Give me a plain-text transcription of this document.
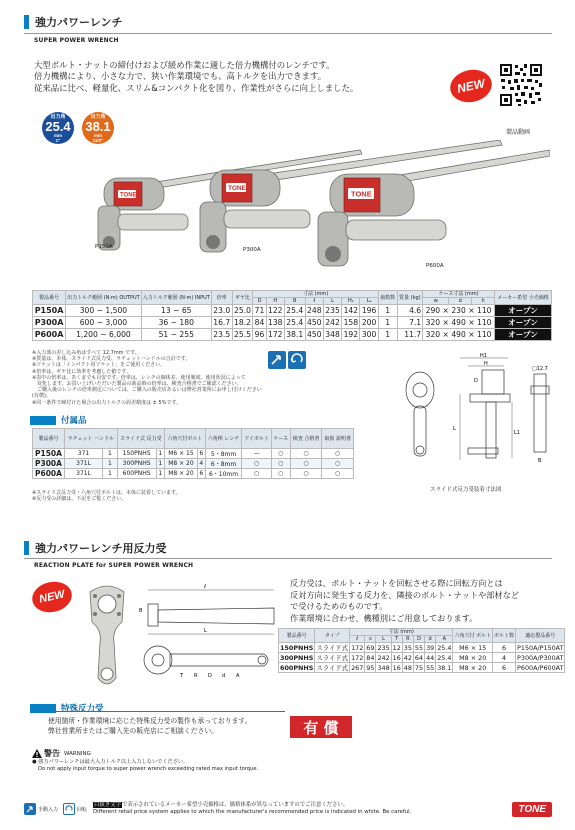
強力パワーレンチ
SUPER POWER WRENCH
大型ボルト・ナットの締付けおよび緩め作業に適した倍力機構付のレンチです。
倍力機構により、小さな力で、狭い作業環境でも、高トルクを出力できます。
従来品に比べ、軽量化、スリム&コンパクト化を図り、作業性がさらに向上しました。
出力角
25.4
mm
1"
出力角
38.1
mm
11/2"
NEW
製品動画
TONE
TONE
TONE
P150A	P300A
P600A
製品番号	出力トルク範囲 (N·m) OUTPUT	入力トルク範囲 (N·m) INPUT	倍率	ギヤ比	寸法 (mm)							歯数数	質量 (kg)	ケース寸法 (mm)			メーカー希望 小売価格
					D	H	B	ℓ	L	H₁	L₁			w	d	h	
P150A	300 ~ 1,500	13 ~ 65	23.0	25.0	71	122	25.4	248	235	142	196	1	4.6	290 × 230 × 110			オープン
P300A	600 ~ 3,000	36 ~ 180	16.7	18.2	84	138	25.4	450	242	158	200	1	7.1	320 × 490 × 110			オープン
P600A	1,200 ~ 6,000	51 ~ 255	23.5	25.5	96	172	38.1	450	348	192	300	1	11.7	320 × 490 × 110			オープン
※入力部の差し込み角はすべて 12.7mm です。
※質量は、本体、スライド式反力受、ラチェットハンドルの合計です。
※ソケットは「インパクト用ソケット」をご使用ください。
※倍率は、ギヤ比に効率を考慮した値です。
※表中の倍率は、あくまでも目安です。倍率は、レンチの個体差、使用頻度、使用状況によって
　変化します。お買い上げいただいた製品の新品時の倍率は、検査合格書でご確認ください。
　ご購入後のレンチの倍率測定については、ご購入の販売店あるいは弊社営業所にお申し付けください (有償)。
※同一条件で締付けた場合の出力トルクの誤差精度は ± 5%です。
付属品
製品番号	ラチェット ハンドル		スライド式 反力受		六角穴付ボルト		六角棒 レンチ	アイボルト	ケース	検査 合格書	取扱 説明書
P150A	371	1	150PNHS	1	M6 × 15	6	5・8mm	—	○	○	○
P300A	371L	1	300PNHS	1	M8 × 20	4	6・8mm	○	○	○	○
P600A	371L	1	600PNHS	1	M8 × 20	6	6・10mm	○	○	○	○
※スライド式反力受・六角穴付ボルトは、本体に装着しています。
※反力受の詳細は、下記をご覧ください。
H1
H
D
L
L1
□12.7
B
スライド式反力受装着寸法図
強力パワーレンチ用反力受
REACTION PLATE for SUPER POWER WRENCH
NEW
ℓ
B
L
T R D d A
反力受は、ボルト・ナットを回転させる際に回転方向とは
反対方向に発生する反力を、隣接のボルト・ナットや部材など
で受けるためのものです。
作業環境に合わせ、機種別にご用意しております。
製品番号	タイプ	寸法 (mm)								六角穴付 ボルト	ボルト数	適応製品番号
		ℓ	s	L	T	R	D	d	A			
150PNHS	スライド式	172	69	235	12	35	55	39	25.4	M6 × 15	6	P150A/P150AT
300PNHS	スライド式	172	84	242	16	42	64	44	25.4	M8 × 20	4	P300A/P300AT
600PNHS	スライド式	267	95	348	16	48	75	55	38.1	M8 × 20	6	P600A/P600AT
特殊反力受
使用箇所・作業環境に応じた特殊反力受の製作も承っております。
弊社営業所またはご購入先の販売店にご相談ください。	有 償
警告 WARNING
● 強力パワーレンチは最大入力トルク以上入力しないでください。
Do not apply input torque to super power wrench exceeding rated max input torque.
手動入力	回転
白抜き文字で表示されているメーカー希望小売価格は、価格体系が異なっていますのでご注意ください。
Different retail price system applies to which the manufacturer's recommended price is indicated in white. Be careful.	TONE
